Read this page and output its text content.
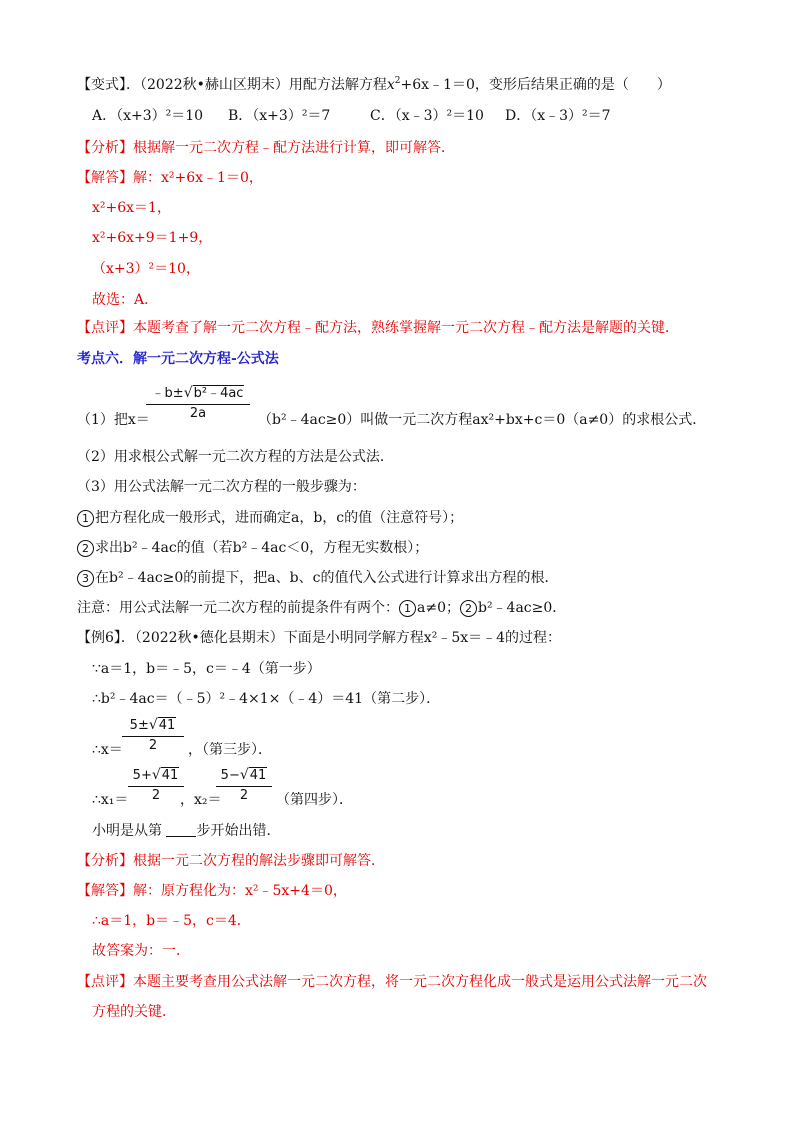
【变式】．（2022秋•赫山区期末）用配方法解方程$x^2+6x﹣1=0$，变形后结果正确的是（　　）
A．（x+3）²＝10 B．（x+3）²＝7	C．（x﹣3）²＝10 D．（x﹣3）²＝7
【分析】根据解一元二次方程﹣配方法进行计算，即可解答．
【解答】解：x²+6x﹣1＝0，
x²+6x＝1，
x²+6x+9＝1+9，
（x+3）²＝10，
故选：A．
【点评】本题考查了解一元二次方程﹣配方法，熟练掌握解一元二次方程﹣配方法是解题的关键．
考点六．解一元二次方程-公式法
（1）把x＝
$\frac{\text{﹣b±√b²﹣4ac}}{2a}$ （b²﹣4ac≥0）叫做一元二次方程ax²+bx+c＝0（a≠0）的求根公式．
（2）用求根公式解一元二次方程的方法是公式法．
（3）用公式法解一元二次方程的一般步骤为：
1 把方程化成一般形式，进而确定a，b，c的值（注意符号）；
2 求出b²﹣4ac的值（若b²﹣4ac＜0，方程无实数根）；
3 在b²﹣4ac≥0的前提下，把a、b、c的值代入公式进行计算求出方程的根．
注意：用公式法解一元二次方程的前提条件有两个： 1 a≠0； 2 b²﹣4ac≥0．
【例6】．（2022秋•德化县期末）下面是小明同学解方程x²﹣5x＝﹣4的过程：
∵a＝1，b＝﹣5，c＝﹣4（第一步）
∴b²﹣4ac＝（﹣5）²﹣4×1×（﹣4）＝41（第二步）．
∴x＝ $\frac{5\pm√41}{2}$ ，（第三步）．
∴x₁＝ $\frac{5+√41}{2}$
，x₂＝
$\frac{5-√41}{2}$ （第四步）．
小明是从第 步开始出错．
【分析】根据一元二次方程的解法步骤即可解答．
【解答】解：原方程化为：x²﹣5x+4＝0，
∴a＝1，b＝﹣5，c＝4．
故答案为：一．
【点评】本题主要考查用公式法解一元二次方程，将一元二次方程化成一般式是运用公式法解一元二次
方程的关键．
